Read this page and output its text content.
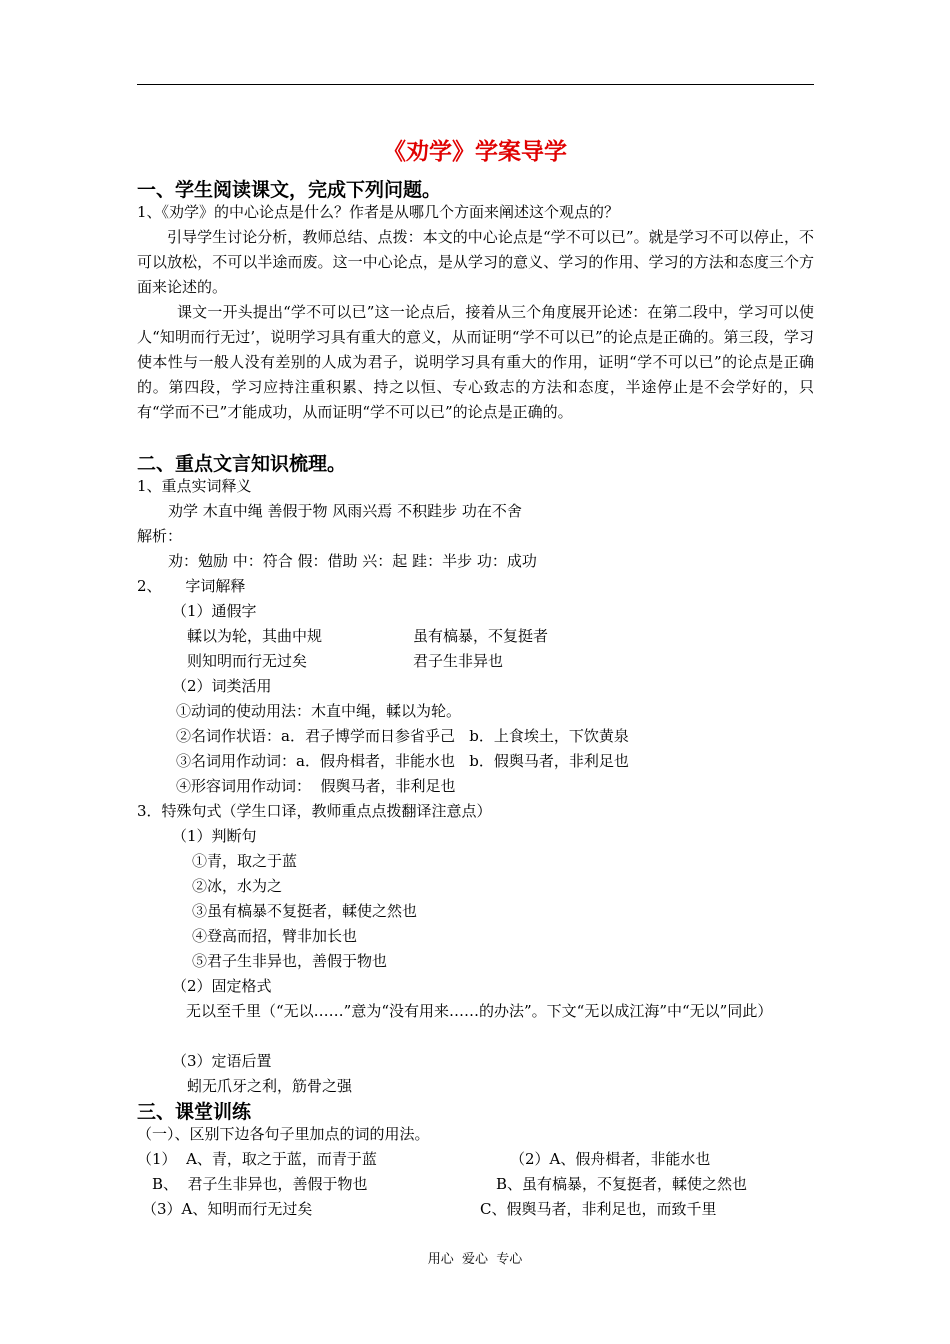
《劝学》学案导学
一、学生阅读课文，完成下列问题。
1、《劝学》的中心论点是什么？作者是从哪几个方面来阐述这个观点的？
引导学生讨论分析，教师总结、点拨：本文的中心论点是“学不可以已”。就是学习不可以停止，不可以放松，不可以半途而废。这一中心论点，是从学习的意义、学习的作用、学习的方法和态度三个方面来论述的。
课文一开头提出“学不可以已”这一论点后，接着从三个角度展开论述：在第二段中，学习可以使人“知明而行无过’，说明学习具有重大的意义，从而证明“学不可以已”的论点是正确的。第三段，学习使本性与一般人没有差别的人成为君子，说明学习具有重大的作用，证明“学不可以已”的论点是正确的。第四段，学习应持注重积累、持之以恒、专心致志的方法和态度，半途停止是不会学好的，只有“学而不已”才能成功，从而证明“学不可以已”的论点是正确的。
二、重点文言知识梳理。
1、重点实词释义
劝学 木直中绳 善假于物 风雨兴焉 不积跬步 功在不舍
解析：
劝：勉励 中：符合 假：借助 兴：起 跬：半步 功：成功
2、     字词解释
（1）通假字
輮以为轮，其曲中规	虽有槁暴，不复挺者
则知明而行无过矣	君子生非异也
（2）词类活用
①动词的使动用法：木直中绳，輮以为轮。
②名词作状语：a．君子博学而日参省乎己   b．上食埃土，下饮黄泉
③名词用作动词：a．假舟楫者，非能水也   b．假舆马者，非利足也
④形容词用作动词：  假舆马者，非利足也
3．特殊句式（学生口译，教师重点点拨翻译注意点）
（1）判断句
①青，取之于蓝
②冰，水为之
③虽有槁暴不复挺者，輮使之然也
④登高而招，臂非加长也
⑤君子生非异也，善假于物也
（2）固定格式
无以至千里（“无以……”意为“没有用来……的办法”。下文“无以成江海”中“无以”同此）
（3）定语后置
蚓无爪牙之利，筋骨之强
三、课堂训练
（一）、区别下边各句子里加点的词的用法。
（1）  A、青，取之于蓝，而青于蓝	（2）A、假舟楫者，非能水也
B、  君子生非异也，善假于物也	B、虽有槁暴，不复挺者，輮使之然也
（3）A、知明而行无过矣	C、假舆马者，非利足也，而致千里
用心  爱心  专心
